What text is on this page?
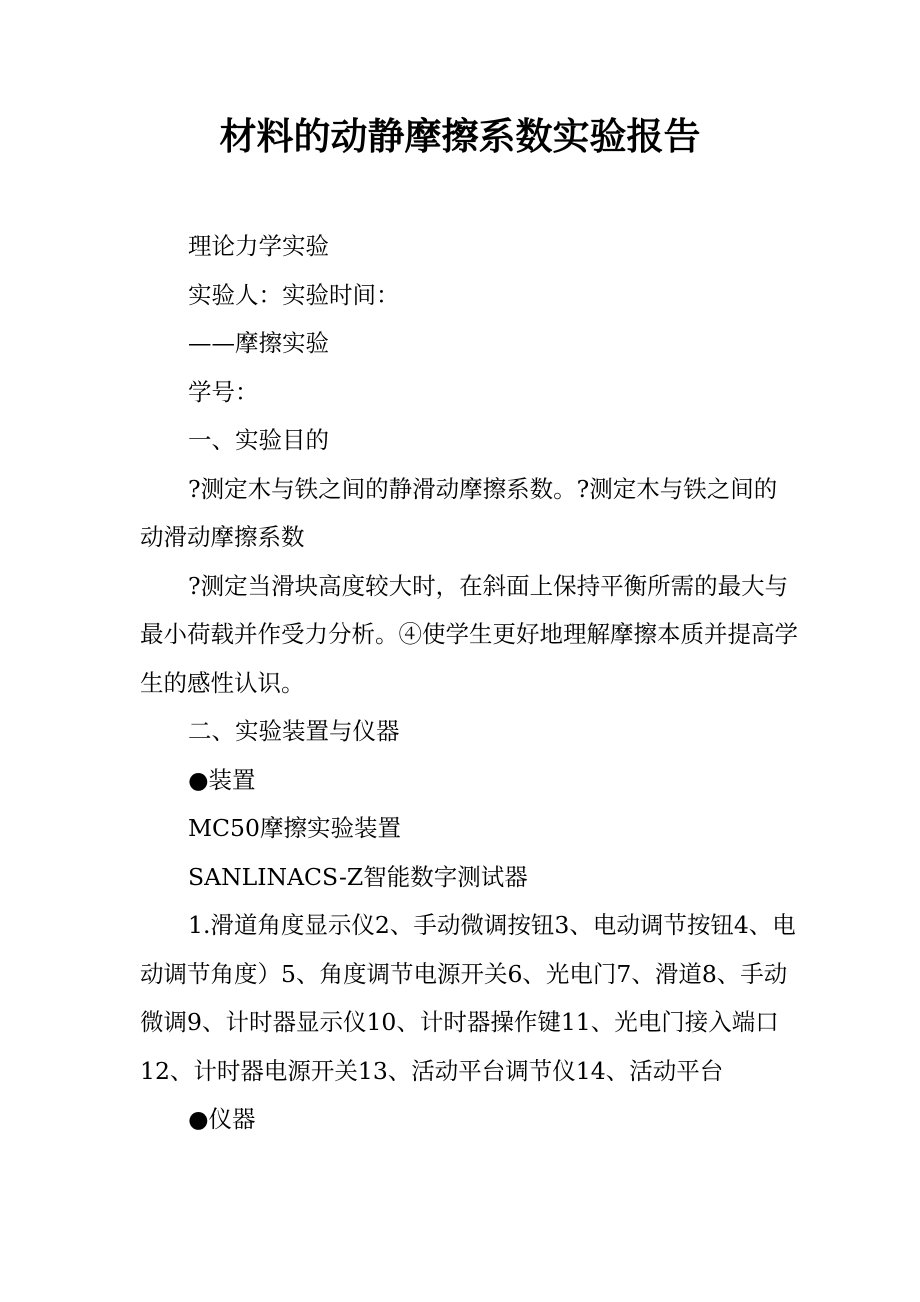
材料的动静摩擦系数实验报告

理论力学实验

实验人：实验时间：

——摩擦实验

学号：

一、实验目的

?测定木与铁之间的静滑动摩擦系数。?测定木与铁之间的动滑动摩擦系数

?测定当滑块高度较大时，在斜面上保持平衡所需的最大与最小荷载并作受力分析。④使学生更好地理解摩擦本质并提高学生的感性认识。

二、实验装置与仪器

●装置

MC50摩擦实验装置

SANLINACS-Z智能数字测试器

1.滑道角度显示仪2、手动微调按钮3、电动调节按钮4、电动调节角度）5、角度调节电源开关6、光电门7、滑道8、手动微调9、计时器显示仪10、计时器操作键11、光电门接入端口12、计时器电源开关13、活动平台调节仪14、活动平台

●仪器
